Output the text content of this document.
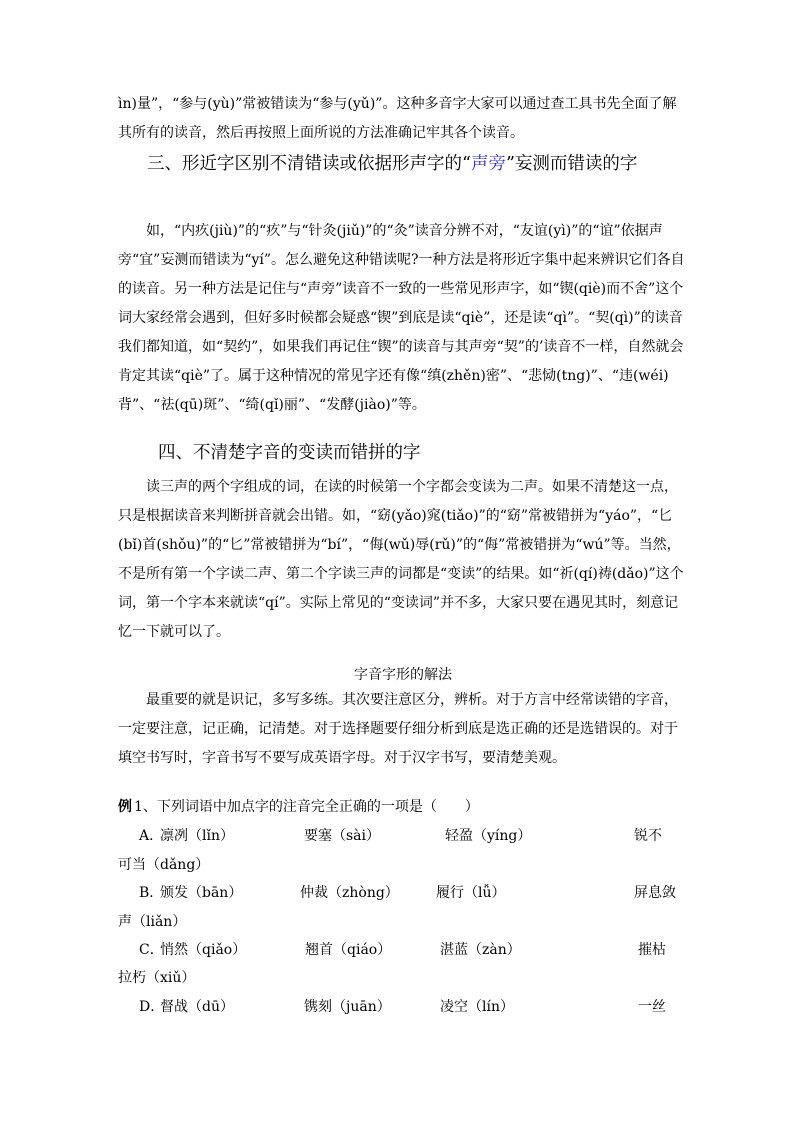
ìn)量”，“参与(yù)”常被错读为“参与(yǔ)”。这种多音字大家可以通过查工具书先全面了解其所有的读音，然后再按照上面所说的方法准确记牢其各个读音。

三、形近字区别不清错读或依据形声字的“声旁”妄测而错读的字

如，“内疚(jiù)”的“疚”与“针灸(jiǔ)”的“灸”读音分辨不对，“友谊(yì)”的“谊”依据声旁“宜”妄测而错读为“yí”。怎么避免这种错读呢?一种方法是将形近字集中起来辨识它们各自的读音。另一种方法是记住与“声旁”读音不一致的一些常见形声字，如“锲(qiè)而不舍”这个词大家经常会遇到，但好多时候都会疑惑“锲”到底是读“qiè”，还是读“qì”。“契(qì)”的读音我们都知道，如“契约”，如果我们再记住“锲”的读音与其声旁“契”的’读音不一样，自然就会肯定其读“qiè”了。属于这种情况的常见字还有像“缜(zhěn)密”、“悲恸(tng)”、“违(wéi)背”、“祛(qū)斑”、“绮(qǐ)丽”、“发酵(jiào)”等。

四、不清楚字音的变读而错拼的字

读三声的两个字组成的词，在读的时候第一个字都会变读为二声。如果不清楚这一点，只是根据读音来判断拼音就会出错。如，“窈(yǎo)窕(tiǎo)”的“窈”常被错拼为“yáo”，“匕(bǐ)首(shǒu)”的“匕”常被错拼为“bí”，“侮(wǔ)辱(rǔ)”的“侮”常被错拼为“wú”等。当然，不是所有第一个字读二声、第二个字读三声的词都是“变读”的结果。如“祈(qí)祷(dǎo)”这个词，第一个字本来就读“qí”。实际上常见的“变读词”并不多，大家只要在遇见其时，刻意记忆一下就可以了。

字音字形的解法

最重要的就是识记，多写多练。其次要注意区分，辨析。对于方言中经常读错的字音，一定要注意，记正确，记清楚。对于选择题要仔细分析到底是选正确的还是选错误的。对于填空书写时，字音书写不要写成英语字母。对于汉字书写，要清楚美观。

例 1、下列词语中加点字的注音完全正确的一项是（　　）
A．
凛冽（lǐn）	要塞（sài）	轻盈（yíng）	锐不
可当（dǎng）
B．
颁发（bān）	仲裁（zhòng）	履行（lǚ）	屏息敛
声（liǎn）
C．
悄然（qiǎo）	翘首（qiáo）	湛蓝（zàn）	摧枯
拉朽（xiǔ）
D．
督战（dū）	镌刻（juān）	凌空（lín）	一丝
